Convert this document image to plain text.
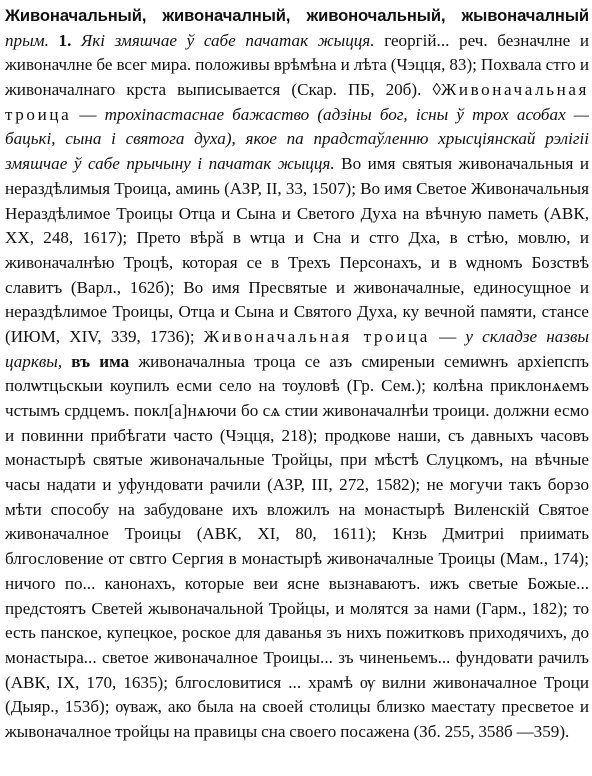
Живоначальный, живоначалный, живоночальный, жывоначалный прым. 1. Які змяшчае ў сабе пачатак жыцця. георгій... реч. безначлне и живоначлне бе всег мира. положивы врѣмѣна и лѣта (Чэцця, 83); Похвала стго и живоначалнаго крста выписывается (Скар. ПБ, 20б). ◊Живоначальная троица — трохіпастаснае бажаство (адзіны бог, існы ў трох асобах — бацькі, сына і святога духа), якое па прадстаўленню хрысціянскай рэлігіі змяшчае ў сабе прычыну і пачатак жыцця. Во имя святыя живоначальныя и нераздѣлимыя Троица, аминь (АЗР, II, 33, 1507); Во имя Светое Живоначальныя Нераздѣлимое Троицы Отца и Сына и Светого Духа на вѣчную паметь (АВК, XX, 248, 1617); Прето вѣрӑ в ѡтца и Сна и стго Дха, в стѣю, мовлю, и живоначалнѣю Троцѣ, которая се в Трехъ Персонахъ, и в ѡдномъ Бозствѣ славитъ (Варл., 162б); Во имя Пресвятые и живоначалные, единосущное и нераздѣлимое Троицы, Отца и Сына и Святого Духа, ку вечной памяти, стансе (ИЮМ, XIV, 339, 1736); Живоначальная троица — у складзе назвы царквы, въ има живоначалныа троца се азъ смиреныи семиѡнъ архіепспъ полѡтцьскыи коупилъ есми село на тоуловѣ (Гр. Сем.); колѣна приклонѧемъ чстымъ срдцемъ. покл[а]нѧючи бо сѧ стии живоначалнѣи троици. должни есмо и повинни прибѣгати часто (Чэцця, 218); продкове наши, съ давныхъ часовъ монастырѣ святые живоначальные Тройцы, при мѣстѣ Слуцкомъ, на вѣчные часы надати и уфундовати рачили (АЗР, III, 272, 1582); не могучи такъ борзо мѣти способу на забудоване ихъ вложилъ на монастырѣ Виленскій Святое живоначалное Троицы (АВК, XI, 80, 1611); Кнзь Дмитриі приимать блгословение от свтго Сергия в монастырѣ живоначалные Троицы (Мам., 174); ничого по... канонахъ, которые веи ясне вызнаваютъ. ижъ светые Божые... предстоятъ Светей жывоначальной Тройцы, и молятся за нами (Гарм., 182); то есть панское, купецкое, роское для даванья зъ нихъ пожитковъ приходячихъ, до монастыра... светое живоначалное Троицы... зъ чиненьемъ... фундовати рачилъ (АВК, IX, 170, 1635); блгословитися ... храмѣ ѹ вилни живоначалное Троци (Дыяр., 153б); ѹваж, ако была на своей столицы близко маестату пресветое и жывоначалное тройцы на правицы сна своего посажена (Зб. 255, 358б —359).
